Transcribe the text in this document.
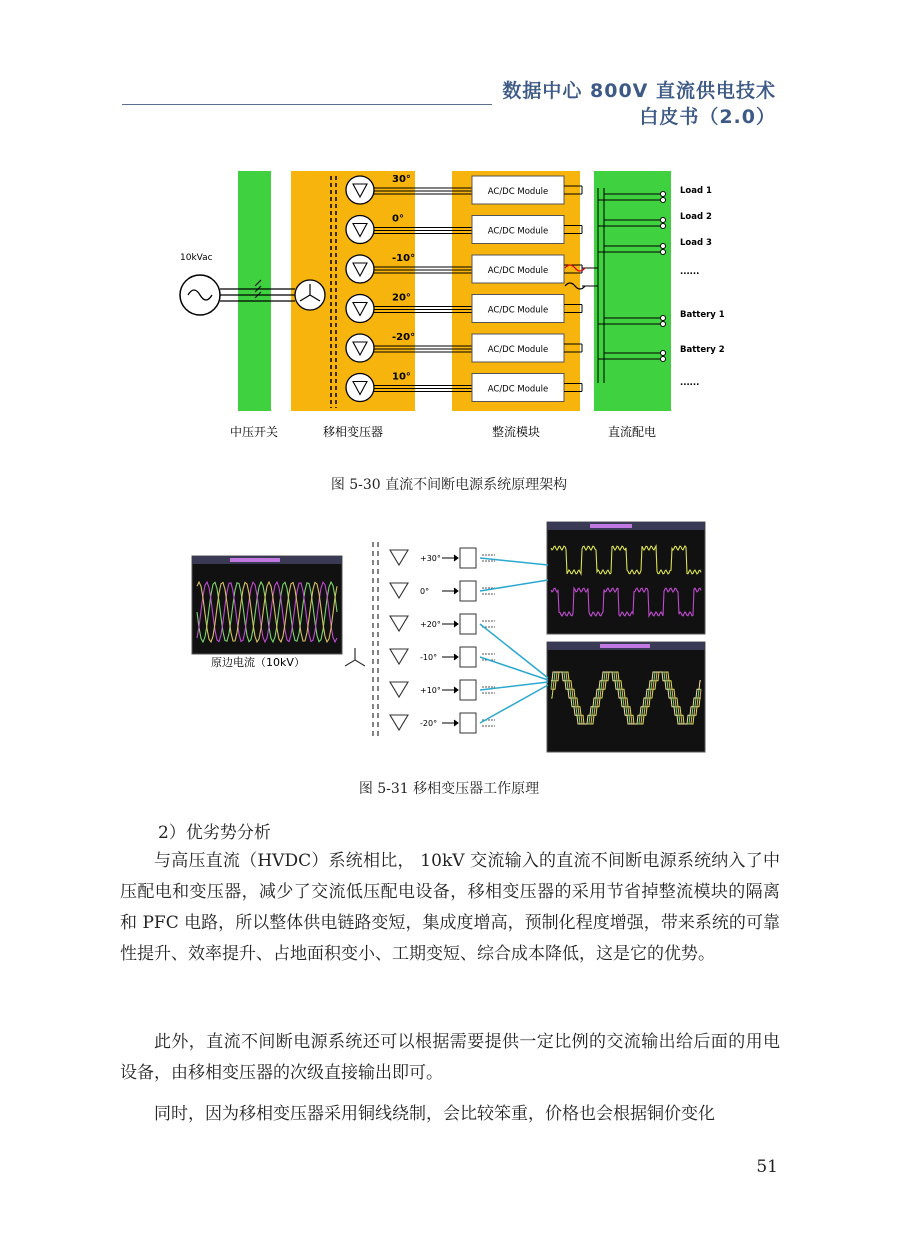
数据中心 800V 直流供电技术
白皮书（2.0）
10kVac
30°
AC/DC Module
0°
AC/DC Module
-10°
AC/DC Module
20°
AC/DC Module
-20°
AC/DC Module
10°
AC/DC Module
Load 1
Load 2
Load 3
......
Battery 1
Battery 2
......
中压开关	移相变压器	整流模块	直流配电
图 5-30 直流不间断电源系统原理架构
原边电流（10kV）
+30°
0°
+20°
-10°
+10°
-20°
图 5-31 移相变压器工作原理
2）优劣势分析
与高压直流（HVDC）系统相比， 10kV 交流输入的直流不间断电源系统纳入了中压配电和变压器，减少了交流低压配电设备，移相变压器的采用节省掉整流模块的隔离和 PFC 电路，所以整体供电链路变短，集成度增高，预制化程度增强，带来系统的可靠性提升、效率提升、占地面积变小、工期变短、综合成本降低，这是它的优势。
此外，直流不间断电源系统还可以根据需要提供一定比例的交流输出给后面的用电设备，由移相变压器的次级直接输出即可。
同时，因为移相变压器采用铜线绕制，会比较笨重，价格也会根据铜价变化
51
